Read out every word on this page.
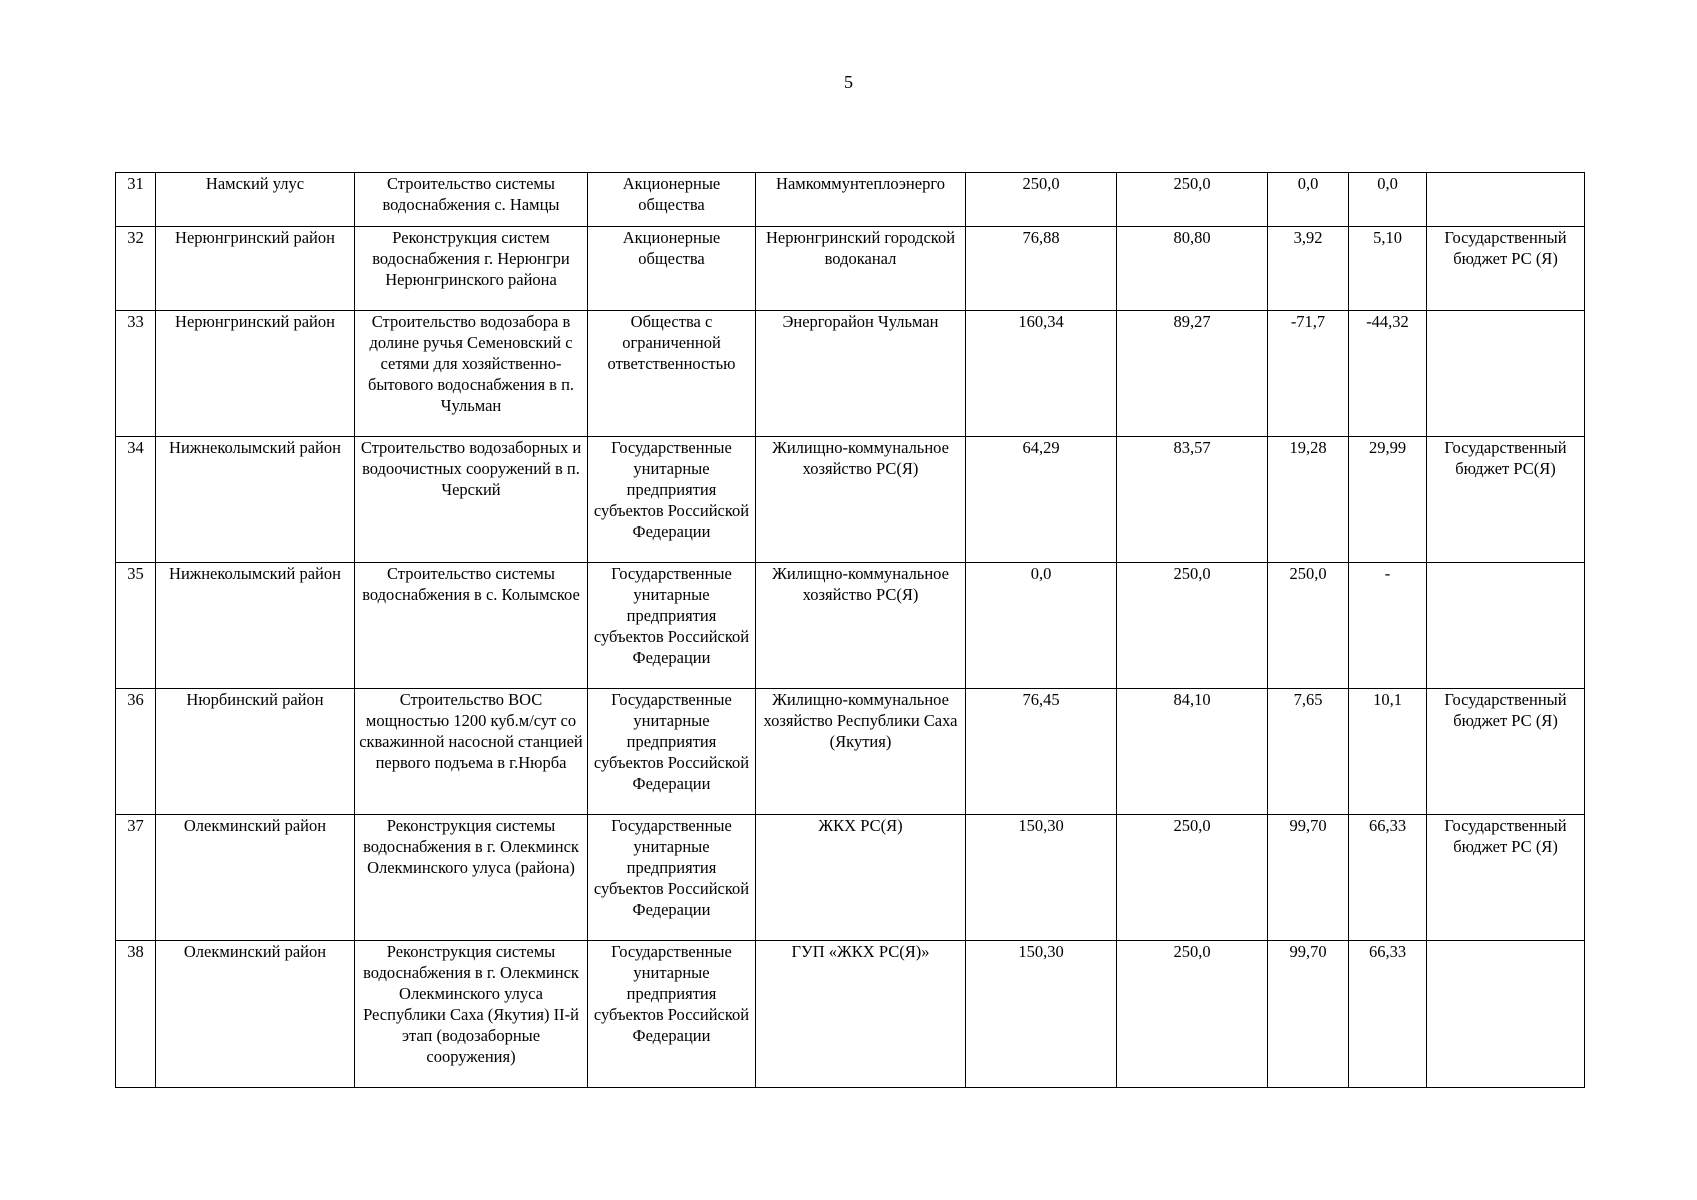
5
31	Намский улус	Строительство системы водоснабжения с. Намцы	Акционерные общества	Намкоммунтеплоэнерго	250,0	250,0	0,0	0,0	
32	Нерюнгринский район	Реконструкция систем водоснабжения г. Нерюнгри Нерюнгринского района	Акционерные общества	Нерюнгринский городской водоканал	76,88	80,80	3,92	5,10	Государственный бюджет РС (Я)
33	Нерюнгринский район	Строительство водозабора в долине ручья Семеновский с сетями для хозяйственно-бытового водоснабжения в п. Чульман	Общества с ограниченной ответственностью	Энергорайон Чульман	160,34	89,27	-71,7	-44,32	
34	Нижнеколымский район	Строительство водозаборных и водоочистных сооружений в п. Черский	Государственные унитарные предприятия субъектов Российской Федерации	Жилищно-коммунальное хозяйство РС(Я)	64,29	83,57	19,28	29,99	Государственный бюджет РС(Я)
35	Нижнеколымский район	Строительство системы водоснабжения в с. Колымское	Государственные унитарные предприятия субъектов Российской Федерации	Жилищно-коммунальное хозяйство РС(Я)	0,0	250,0	250,0	-	
36	Нюрбинский район	Строительство ВОС мощностью 1200 куб.м/сут со скважинной насосной станцией первого подъема в г.Нюрба	Государственные унитарные предприятия субъектов Российской Федерации	Жилищно-коммунальное хозяйство Республики Саха (Якутия)	76,45	84,10	7,65	10,1	Государственный бюджет РС (Я)
37	Олекминский район	Реконструкция системы водоснабжения в г. Олекминск Олекминского улуса (района)	Государственные унитарные предприятия субъектов Российской Федерации	ЖКХ РС(Я)	150,30	250,0	99,70	66,33	Государственный бюджет РС (Я)
38	Олекминский район	Реконструкция системы водоснабжения в г. Олекминск Олекминского улуса Республики Саха (Якутия) II-й этап (водозаборные сооружения)	Государственные унитарные предприятия субъектов Российской Федерации	ГУП «ЖКХ РС(Я)»	150,30	250,0	99,70	66,33	
